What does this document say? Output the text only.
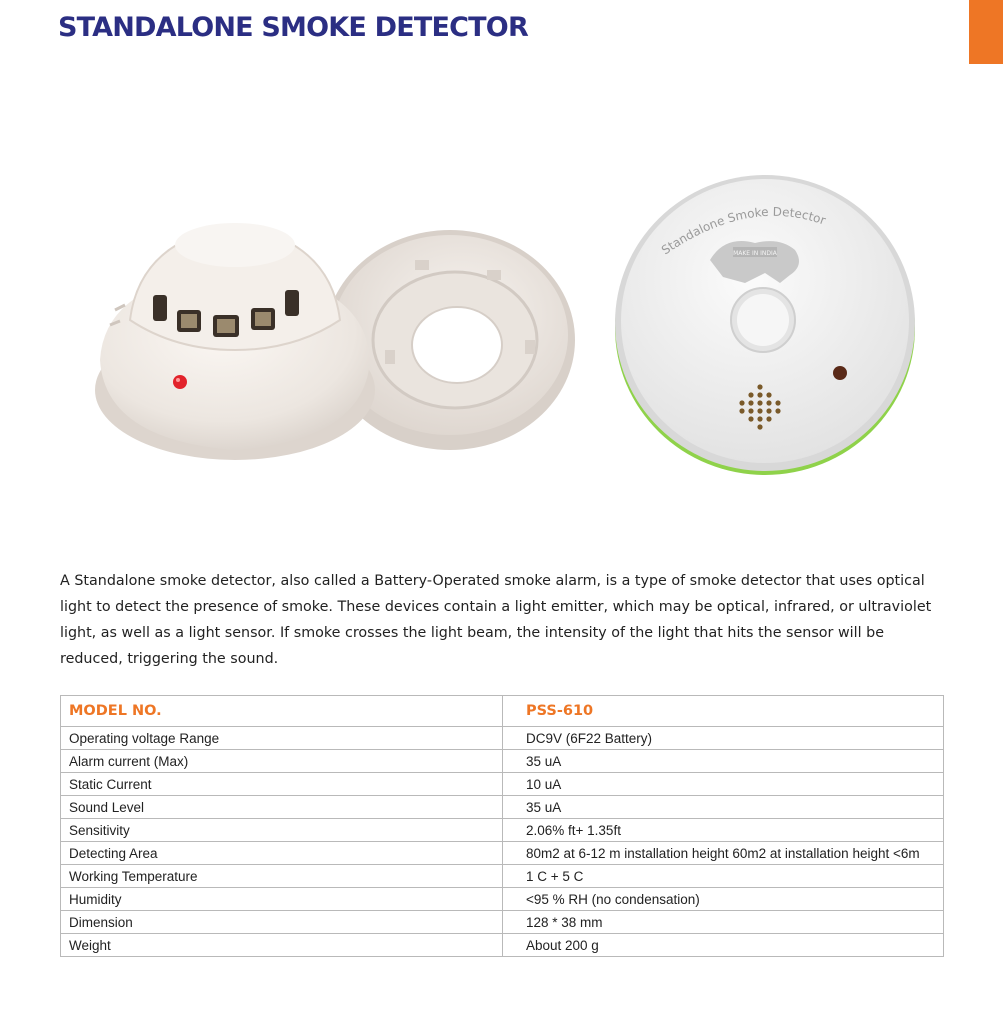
STANDALONE SMOKE DETECTOR
Standalone Smoke Detector
MAKE IN INDIA

A Standalone smoke detector, also called a Battery-Operated smoke alarm, is a type of smoke detector that uses optical light to detect the presence of smoke. These devices contain a light emitter, which may be optical, infrared, or ultraviolet light, as well as a light sensor. If smoke crosses the light beam, the intensity of the light that hits the sensor will be reduced, triggering the sound.

MODEL NO.	PSS-610
Operating voltage Range	DC9V (6F22 Battery)
Alarm current (Max)	35 uA
Static Current	10 uA
Sound Level	35 uA
Sensitivity	2.06% ft+ 1.35ft
Detecting Area	80m2 at 6-12 m installation height 60m2 at installation height <6m
Working Temperature	1 C + 5 C
Humidity	<95 % RH (no condensation)
Dimension	128 * 38 mm
Weight	About 200 g
